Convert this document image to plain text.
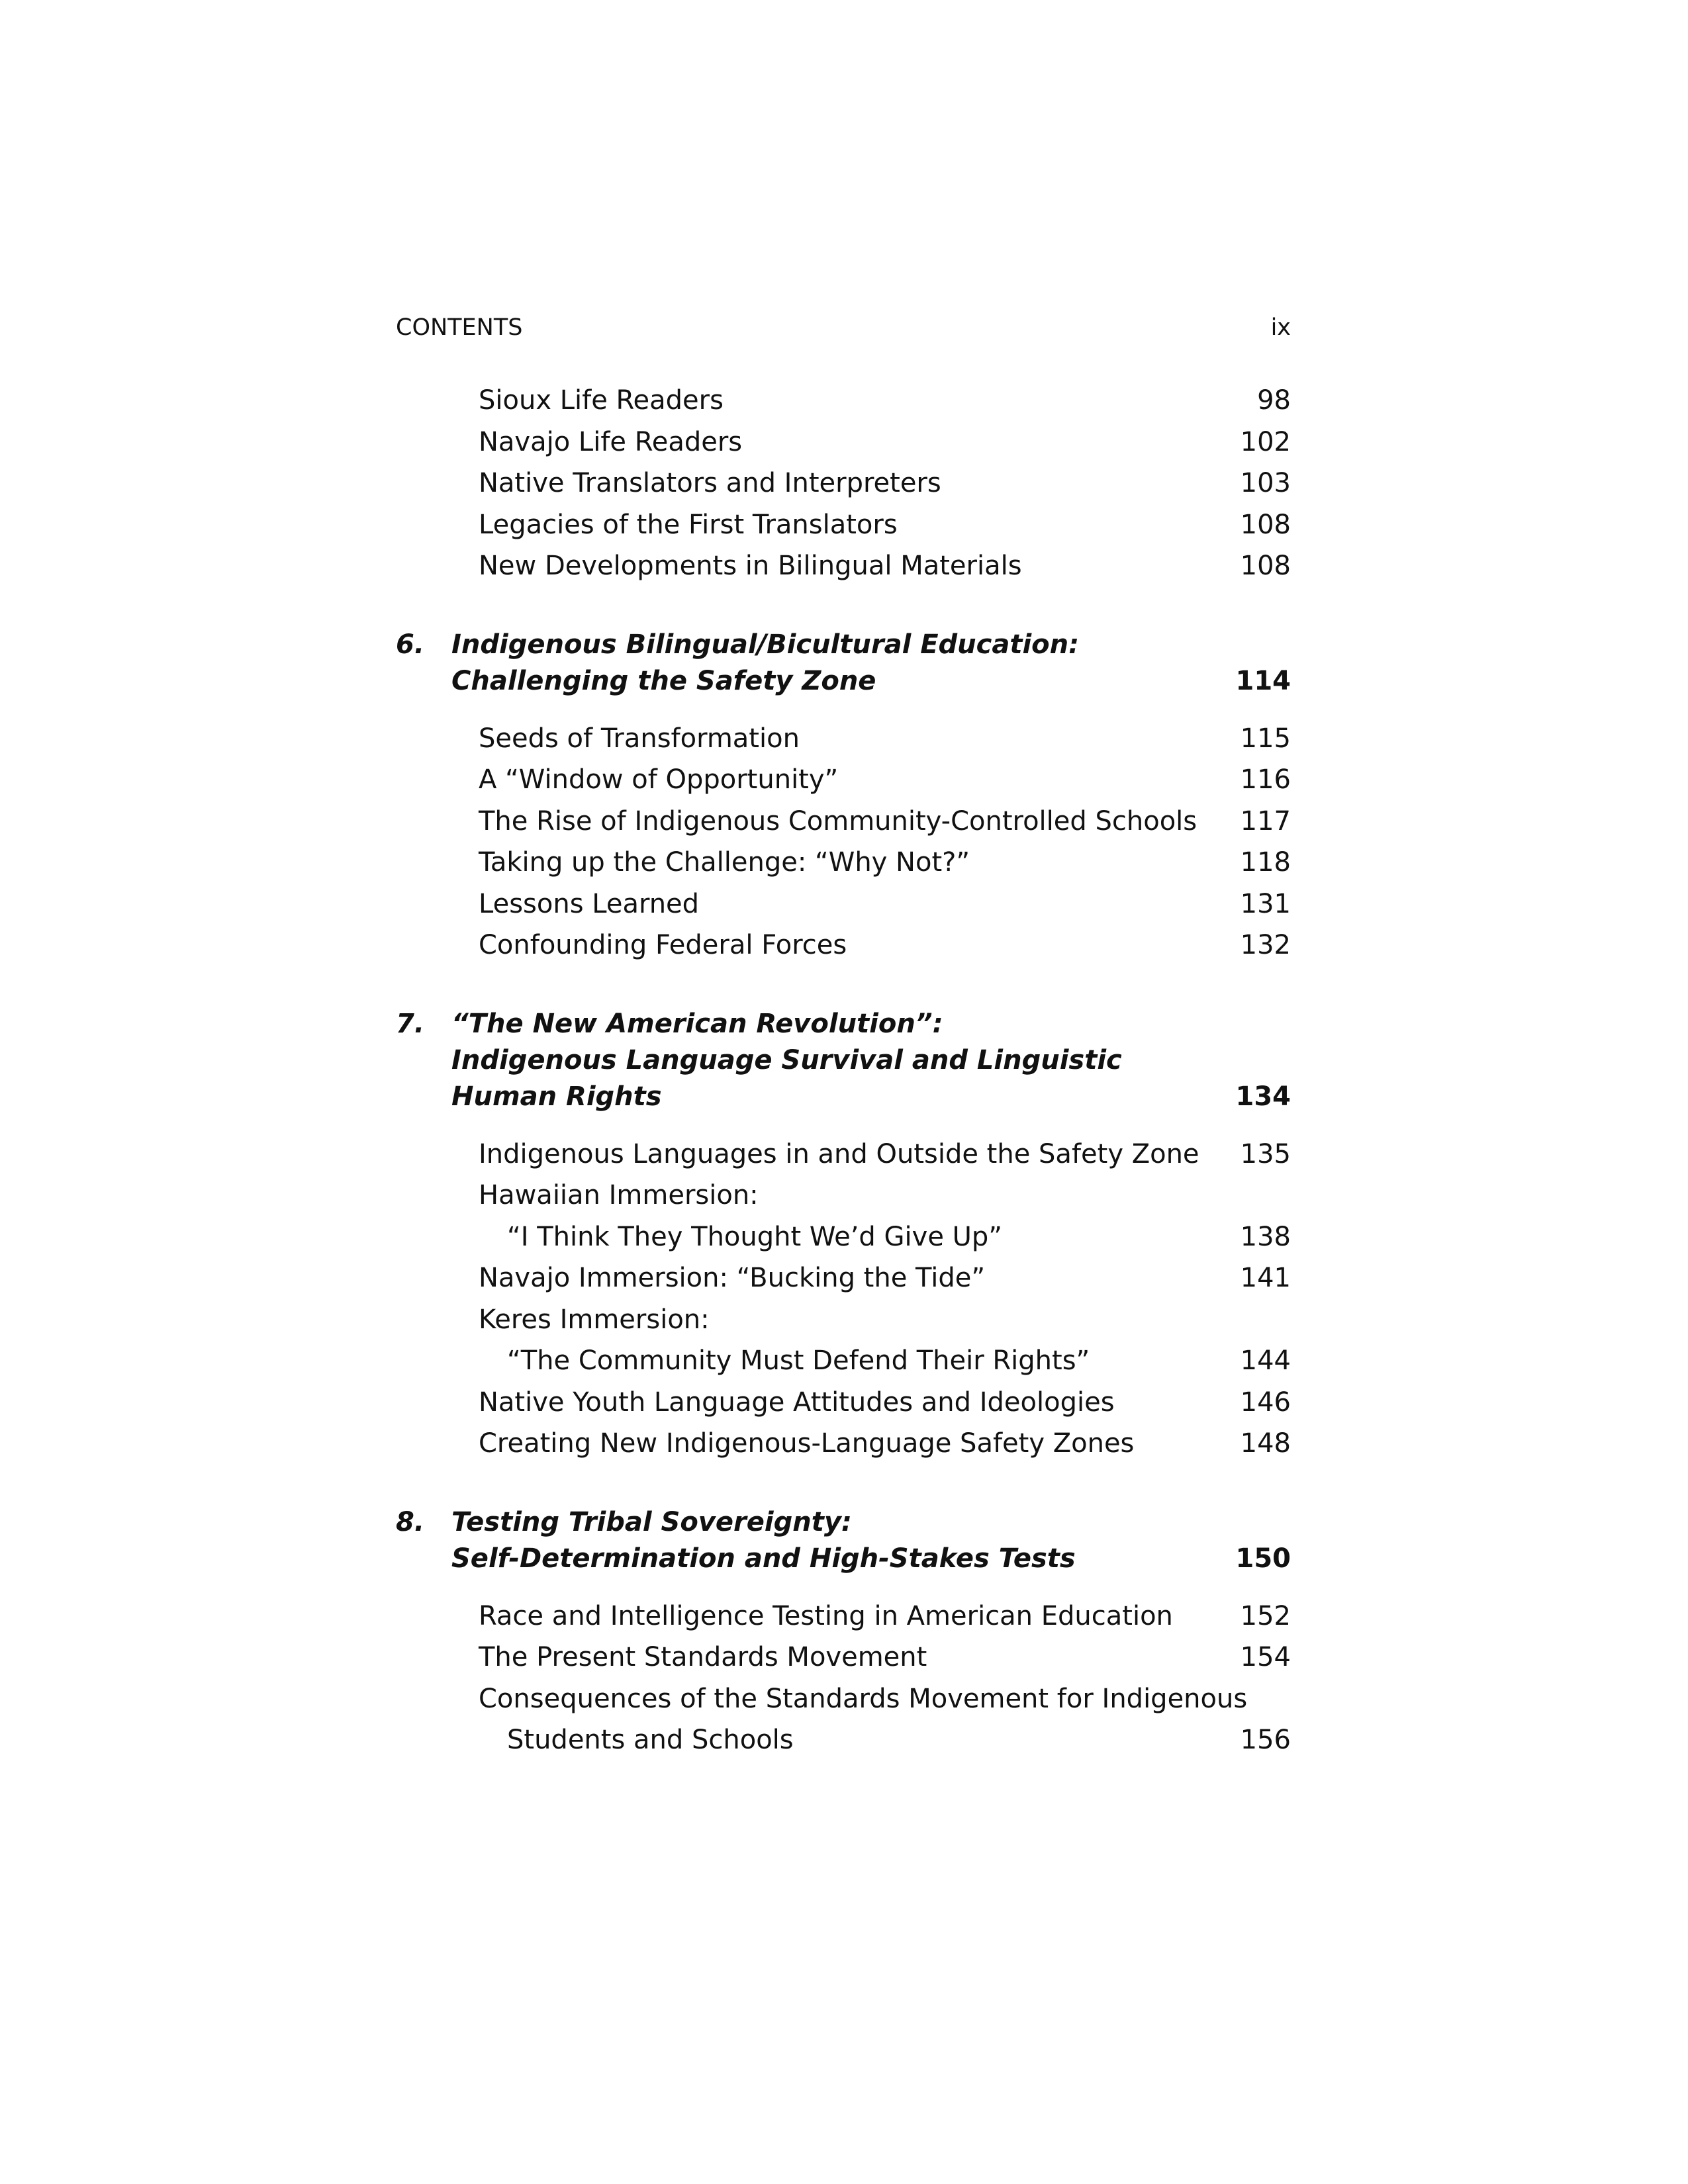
CONTENTS	ix
Sioux Life Readers	98
Navajo Life Readers	102
Native Translators and Interpreters	103
Legacies of the First Translators	108
New Developments in Bilingual Materials	108
6.	Indigenous Bilingual/Bicultural Education:
Challenging the Safety Zone	114
Seeds of Transformation	115
A “Window of Opportunity”	116
The Rise of Indigenous Community-Controlled Schools 117
Taking up the Challenge: “Why Not?”	118
Lessons Learned	131
Confounding Federal Forces	132
7.	“The New American Revolution”:
Indigenous Language Survival and Linguistic
Human Rights	134
Indigenous Languages in and Outside the Safety Zone 135
Hawaiian Immersion:
“I Think They Thought We’d Give Up”	138
Navajo Immersion: “Bucking the Tide”	141
Keres Immersion:
“The Community Must Defend Their Rights”	144
Native Youth Language Attitudes and Ideologies	146
Creating New Indigenous-Language Safety Zones	148
8.	Testing Tribal Sovereignty:
Self-Determination and High-Stakes Tests	150
Race and Intelligence Testing in American Education	152
The Present Standards Movement	154
Consequences of the Standards Movement for Indigenous
Students and Schools	156
